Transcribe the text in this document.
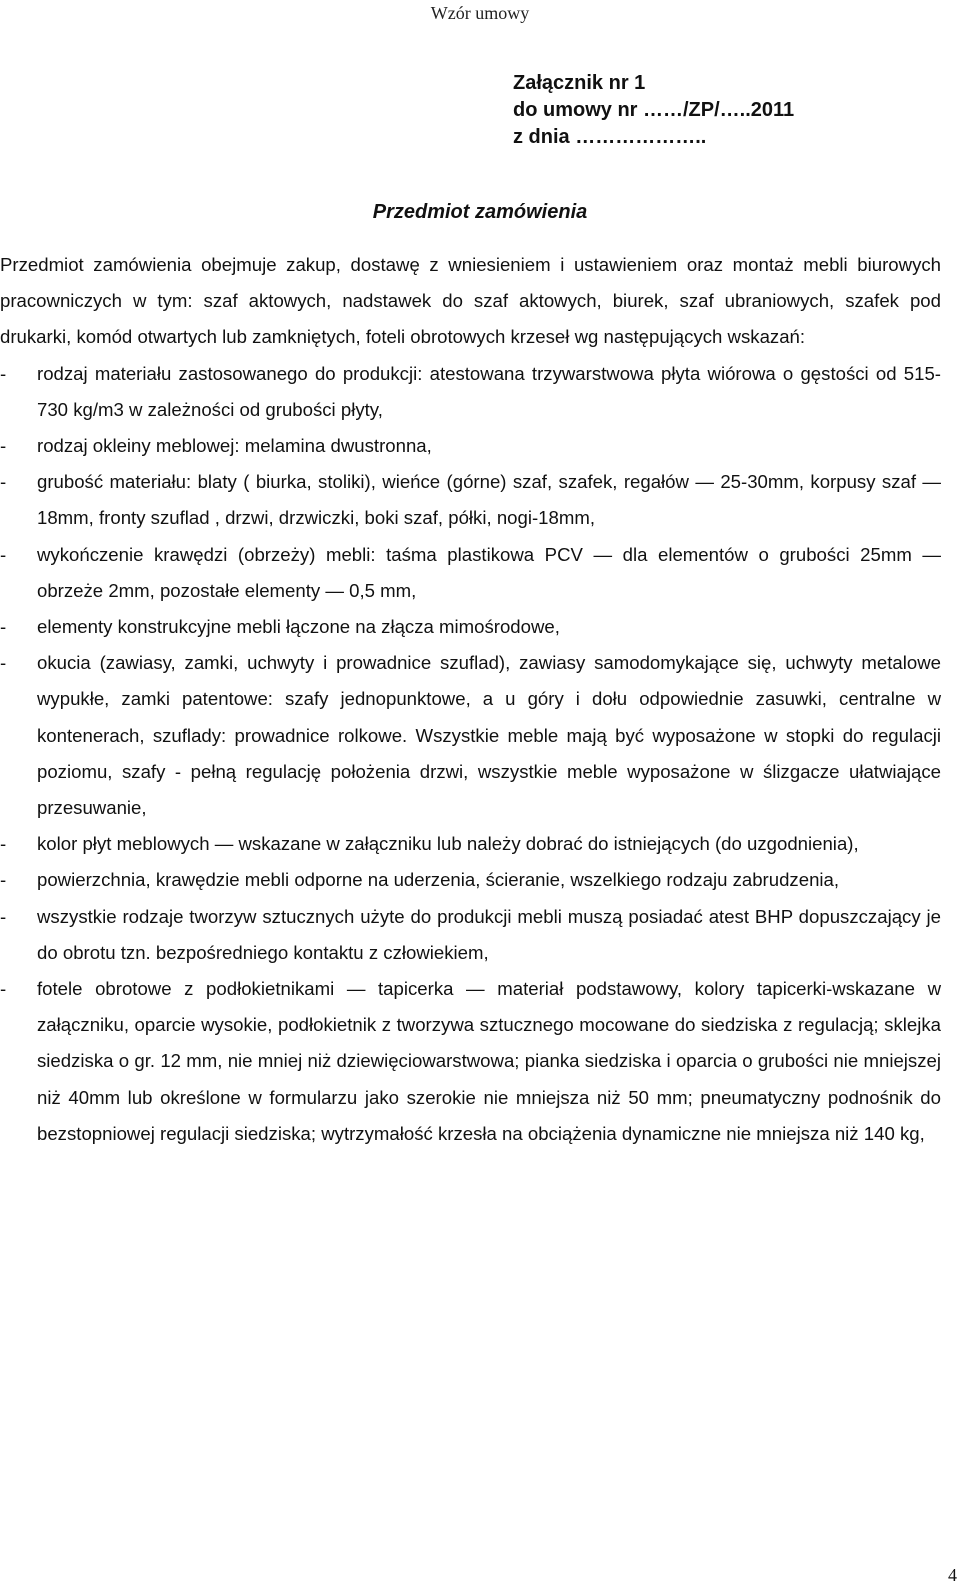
Wzór umowy
Załącznik nr 1
do umowy nr ……/ZP/…..2011
z dnia ………………..
Przedmiot zamówienia

Przedmiot zamówienia obejmuje zakup, dostawę z wniesieniem i ustawieniem oraz montaż mebli biurowych pracowniczych w tym: szaf aktowych, nadstawek do szaf aktowych, biurek, szaf ubraniowych, szafek pod drukarki, komód otwartych lub zamkniętych, foteli obrotowych krzeseł wg następujących wskazań:

- rodzaj materiału zastosowanego do produkcji: atestowana trzywarstwowa płyta wiórowa o gęstości od 515-730 kg/m3 w zależności od grubości płyty,
- rodzaj okleiny meblowej: melamina dwustronna,
- grubość materiału: blaty ( biurka, stoliki), wieńce (górne) szaf, szafek, regałów — 25-30mm, korpusy szaf — 18mm, fronty szuflad , drzwi, drzwiczki, boki szaf, półki, nogi-18mm,
- wykończenie krawędzi (obrzeży) mebli: taśma plastikowa PCV — dla elementów o grubości 25mm — obrzeże 2mm, pozostałe elementy — 0,5 mm,
- elementy konstrukcyjne mebli łączone na złącza mimośrodowe,
- okucia (zawiasy, zamki, uchwyty i prowadnice szuflad), zawiasy samodomykające się, uchwyty metalowe wypukłe, zamki patentowe: szafy jednopunktowe, a u góry i dołu odpowiednie zasuwki, centralne w kontenerach, szuflady: prowadnice rolkowe. Wszystkie meble mają być wyposażone w stopki do regulacji poziomu, szafy - pełną regulację położenia drzwi, wszystkie meble wyposażone w ślizgacze ułatwiające przesuwanie,
- kolor płyt meblowych — wskazane w załączniku lub należy dobrać do istniejących (do uzgodnienia),
- powierzchnia, krawędzie mebli odporne na uderzenia, ścieranie, wszelkiego rodzaju zabrudzenia,
- wszystkie rodzaje tworzyw sztucznych użyte do produkcji mebli muszą posiadać atest BHP dopuszczający je do obrotu tzn. bezpośredniego kontaktu z człowiekiem,
- fotele obrotowe z podłokietnikami — tapicerka — materiał podstawowy, kolory tapicerki-wskazane w załączniku, oparcie wysokie, podłokietnik z tworzywa sztucznego mocowane do siedziska z regulacją; sklejka siedziska o gr. 12 mm, nie mniej niż dziewięciowarstwowa; pianka siedziska i oparcia o grubości nie mniejszej niż 40mm lub określone w formularzu jako szerokie nie mniejsza niż 50 mm; pneumatyczny podnośnik do bezstopniowej regulacji siedziska; wytrzymałość krzesła na obciążenia dynamiczne nie mniejsza niż 140 kg,
4
